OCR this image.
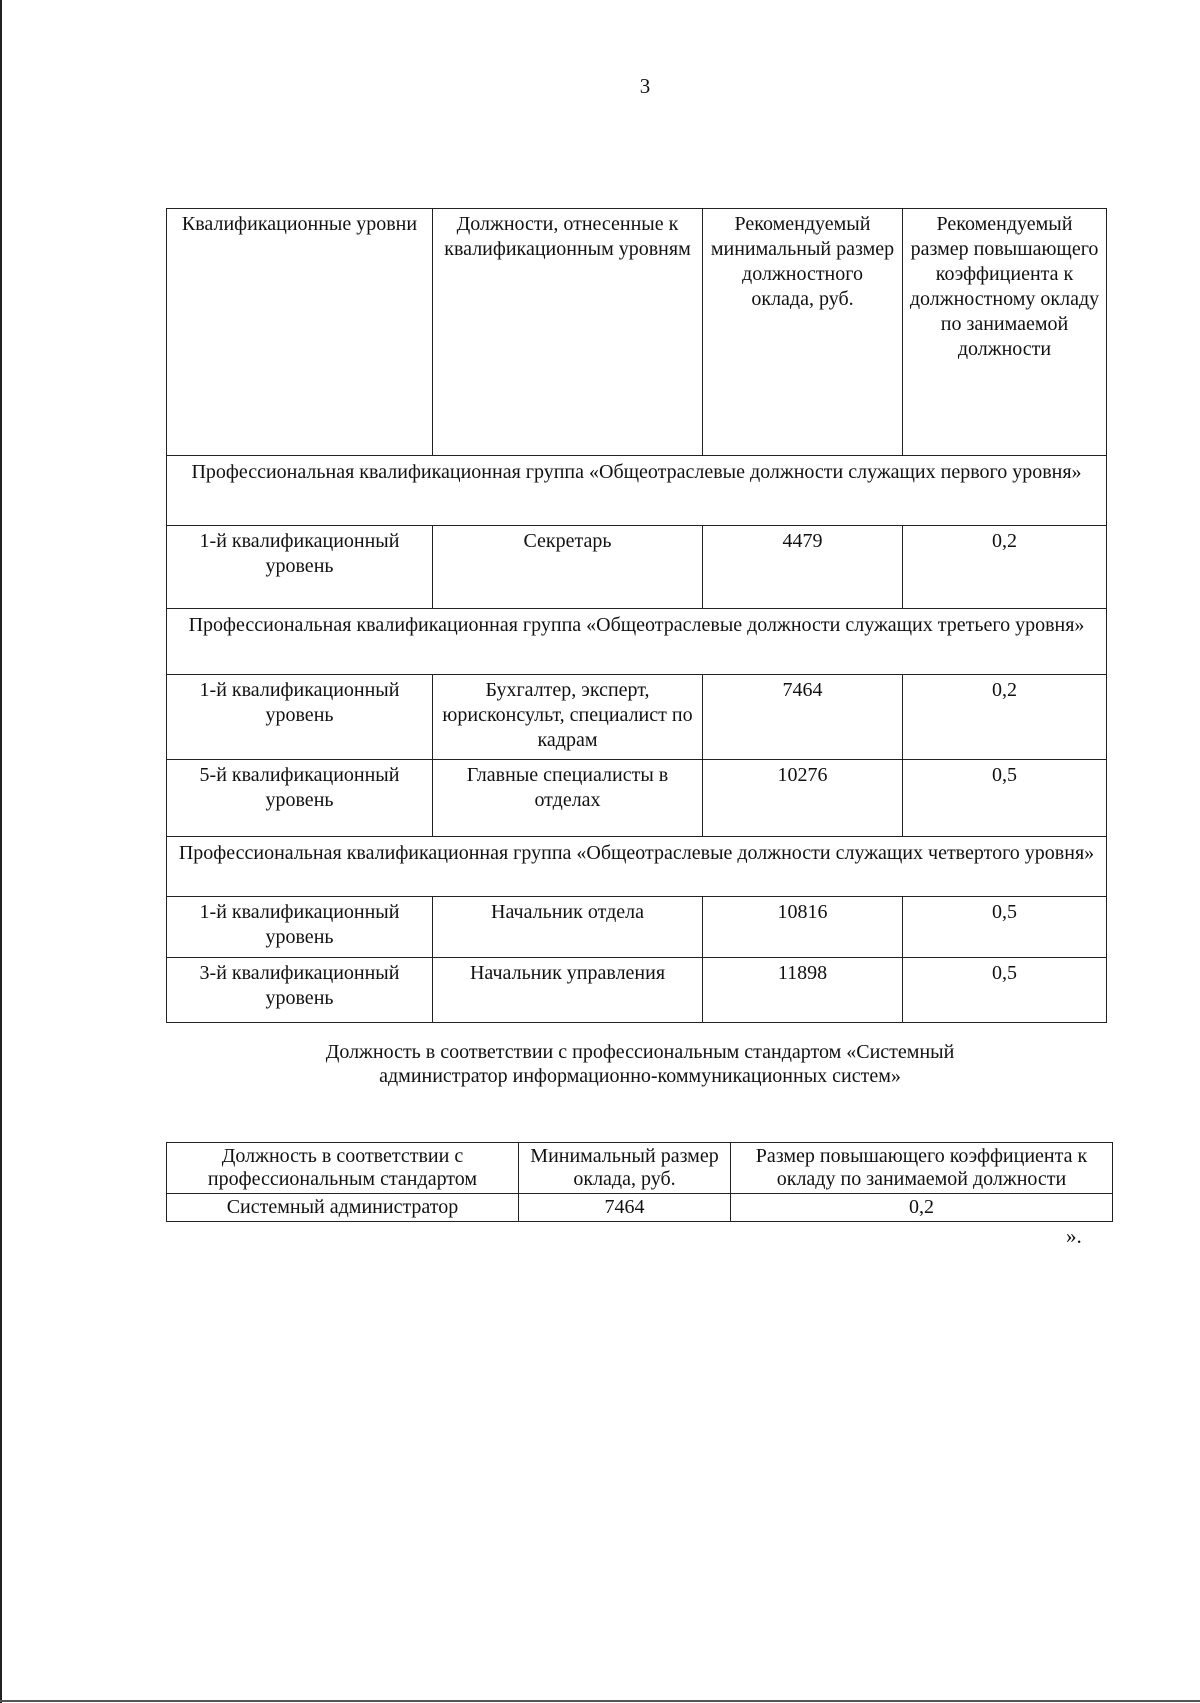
3
Квалификационные уровни	Должности, отнесенные к квалификационным уровням	Рекомендуемый минимальный размер должностного оклада, руб.	Рекомендуемый размер повышающего коэффициента к должностному окладу по занимаемой должности
Профессиональная квалификационная группа «Общеотраслевые должности служащих первого уровня»			
1-й квалификационный уровень	Секретарь	4479	0,2
Профессиональная квалификационная группа «Общеотраслевые должности служащих третьего уровня»			
1-й квалификационный уровень	Бухгалтер, эксперт, юрисконсульт, специалист по кадрам	7464	0,2
5-й квалификационный уровень	Главные специалисты в отделах	10276	0,5
Профессиональная квалификационная группа «Общеотраслевые должности служащих четвертого уровня»			
1-й квалификационный уровень	Начальник отдела	10816	0,5
3-й квалификационный уровень	Начальник управления	11898	0,5
Должность в соответствии с профессиональным стандартом «Системный администратор информационно-коммуникационных систем»
Должность в соответствии с профессиональным стандартом	Минимальный размер оклада, руб.	Размер повышающего коэффициента к окладу по занимаемой должности
Системный администратор	7464	0,2
».
